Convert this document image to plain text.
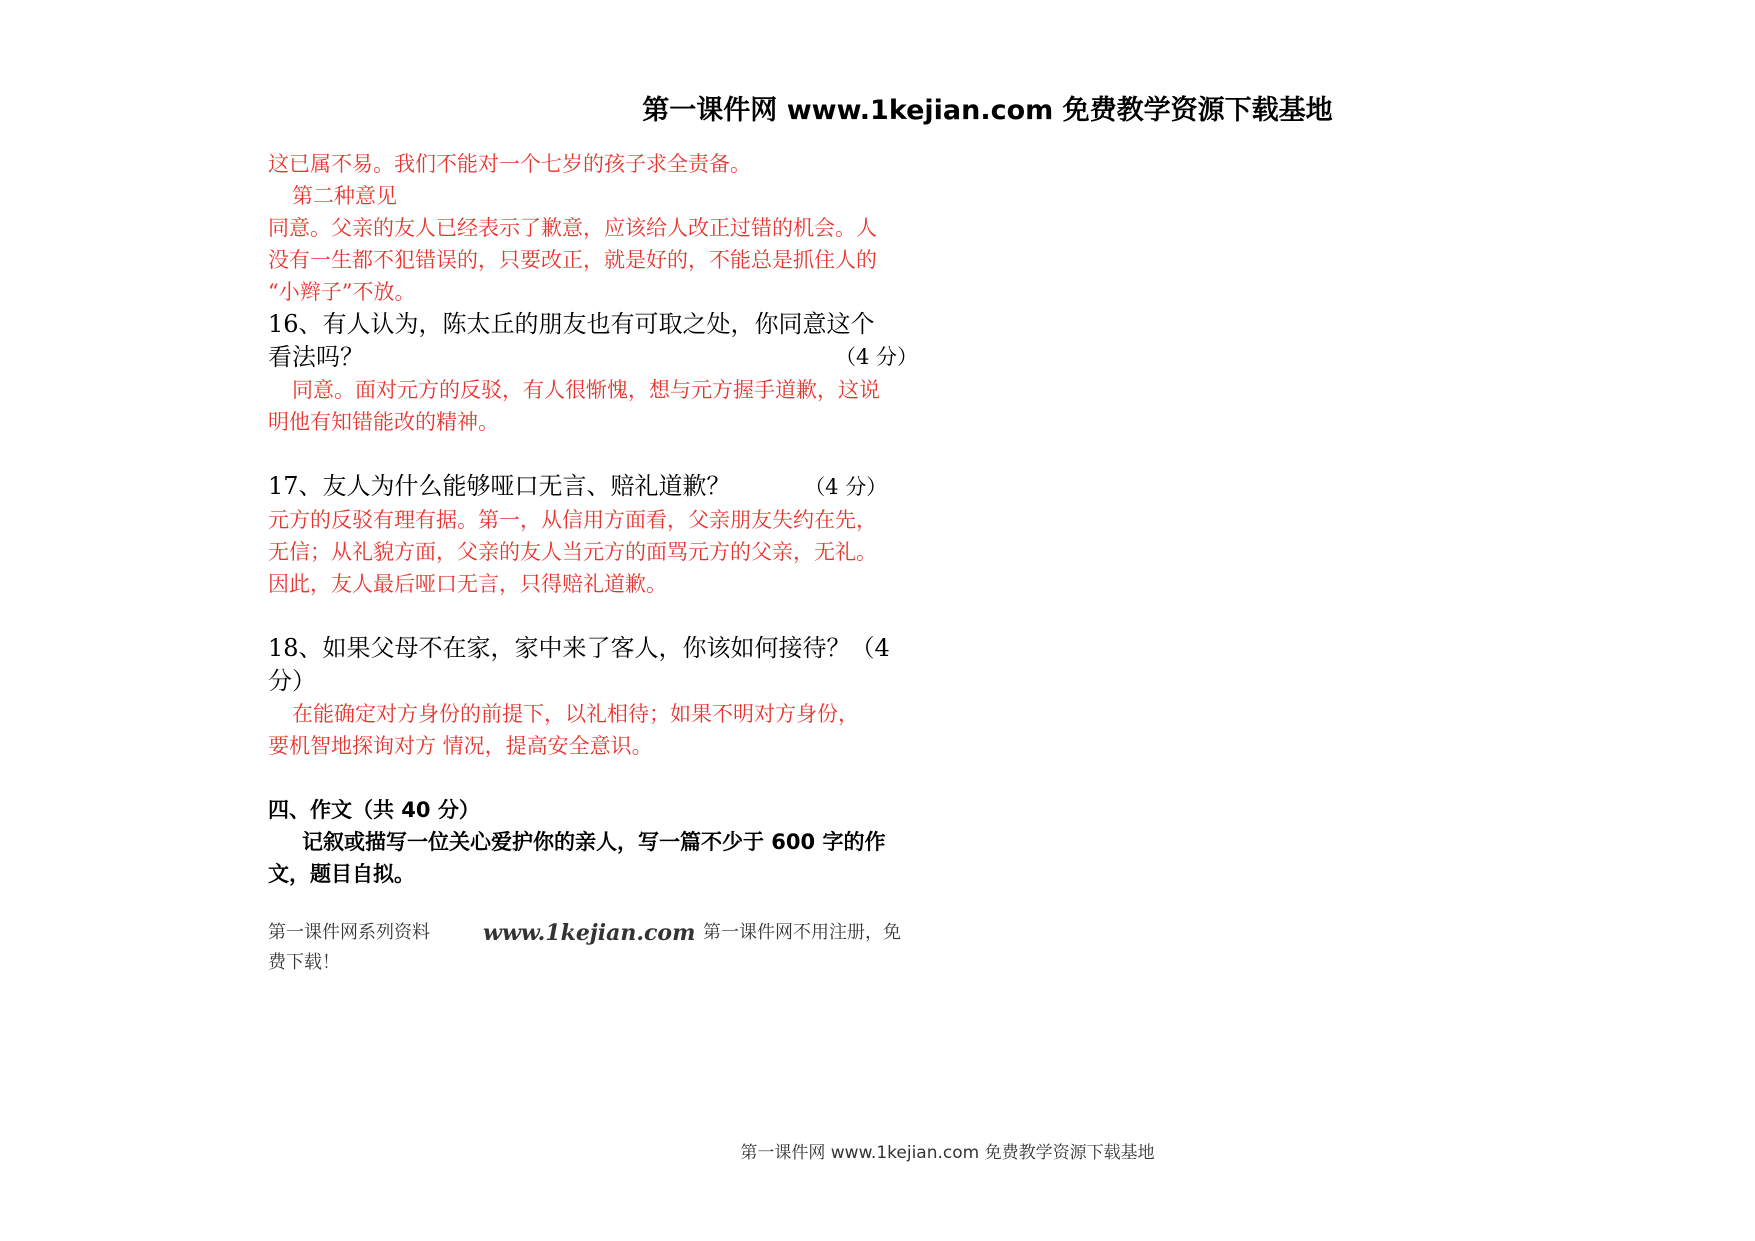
第一课件网 www.1kejian.com 免费教学资源下载基地
这已属不易。我们不能对一个七岁的孩子求全责备。
第二种意见
同意。父亲的友人已经表示了歉意，应该给人改正过错的机会。人
没有一生都不犯错误的，只要改正，就是好的，不能总是抓住人的
“小辫子”不放。
16、有人认为，陈太丘的朋友也有可取之处，你同意这个
看法吗？	（4 分）
同意。面对元方的反驳，有人很惭愧，想与元方握手道歉，这说
明他有知错能改的精神。
17、友人为什么能够哑口无言、赔礼道歉？	（4 分）
元方的反驳有理有据。第一，从信用方面看，父亲朋友失约在先，
无信；从礼貌方面，父亲的友人当元方的面骂元方的父亲，无礼。
因此，友人最后哑口无言，只得赔礼道歉。
18、如果父母不在家，家中来了客人，你该如何接待？（4
分）
在能确定对方身份的前提下，以礼相待；如果不明对方身份，
要机智地探询对方 情况，提高安全意识。
四、作文（共 40 分）
记叙或描写一位关心爱护你的亲人，写一篇不少于 600 字的作
文，题目自拟。
第一课件网系列资料	www.1kejian.com 第一课件网不用注册，免
费下载！
第一课件网 www.1kejian.com 免费教学资源下载基地
